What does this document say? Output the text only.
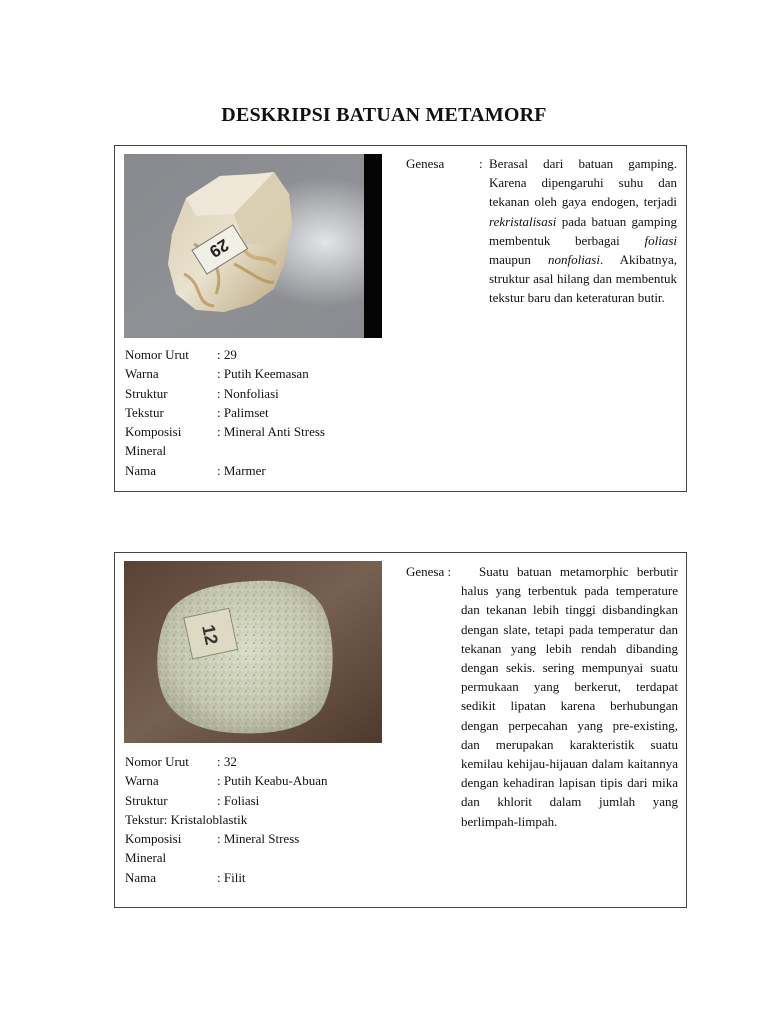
DESKRIPSI BATUAN METAMORF
29
Nomor Urut	: 29
Warna	: Putih Keemasan
Struktur	: Nonfoliasi
Tekstur	: Palimset
Komposisi	: Mineral Anti Stress
Mineral
Nama	: Marmer
Genesa	: Berasal dari batuan gamping. Karena dipengaruhi suhu dan tekanan oleh gaya endogen, terjadi rekristalisasi pada batuan gamping membentuk berbagai foliasi maupun nonfoliasi. Akibatnya, struktur asal hilang dan membentuk tekstur baru dan keteraturan butir.
12
Nomor Urut	: 32
Warna	: Putih Keabu-Abuan
Struktur	: Foliasi
Tekstur: Kristaloblastik
Komposisi	: Mineral Stress
Mineral
Nama	: Filit
Genesa : Suatu batuan metamorphic berbutir halus yang terbentuk pada temperature dan tekanan lebih tinggi disbandingkan dengan slate, tetapi pada temperatur dan tekanan yang lebih rendah dibanding dengan sekis. sering mempunyai suatu permukaan yang berkerut, terdapat sedikit lipatan karena berhubungan dengan perpecahan yang pre-existing, dan merupakan karakteristik suatu kemilau kehijau-hijauan dalam kaitannya dengan kehadiran lapisan tipis dari mika dan khlorit dalam jumlah yang berlimpah-limpah.
